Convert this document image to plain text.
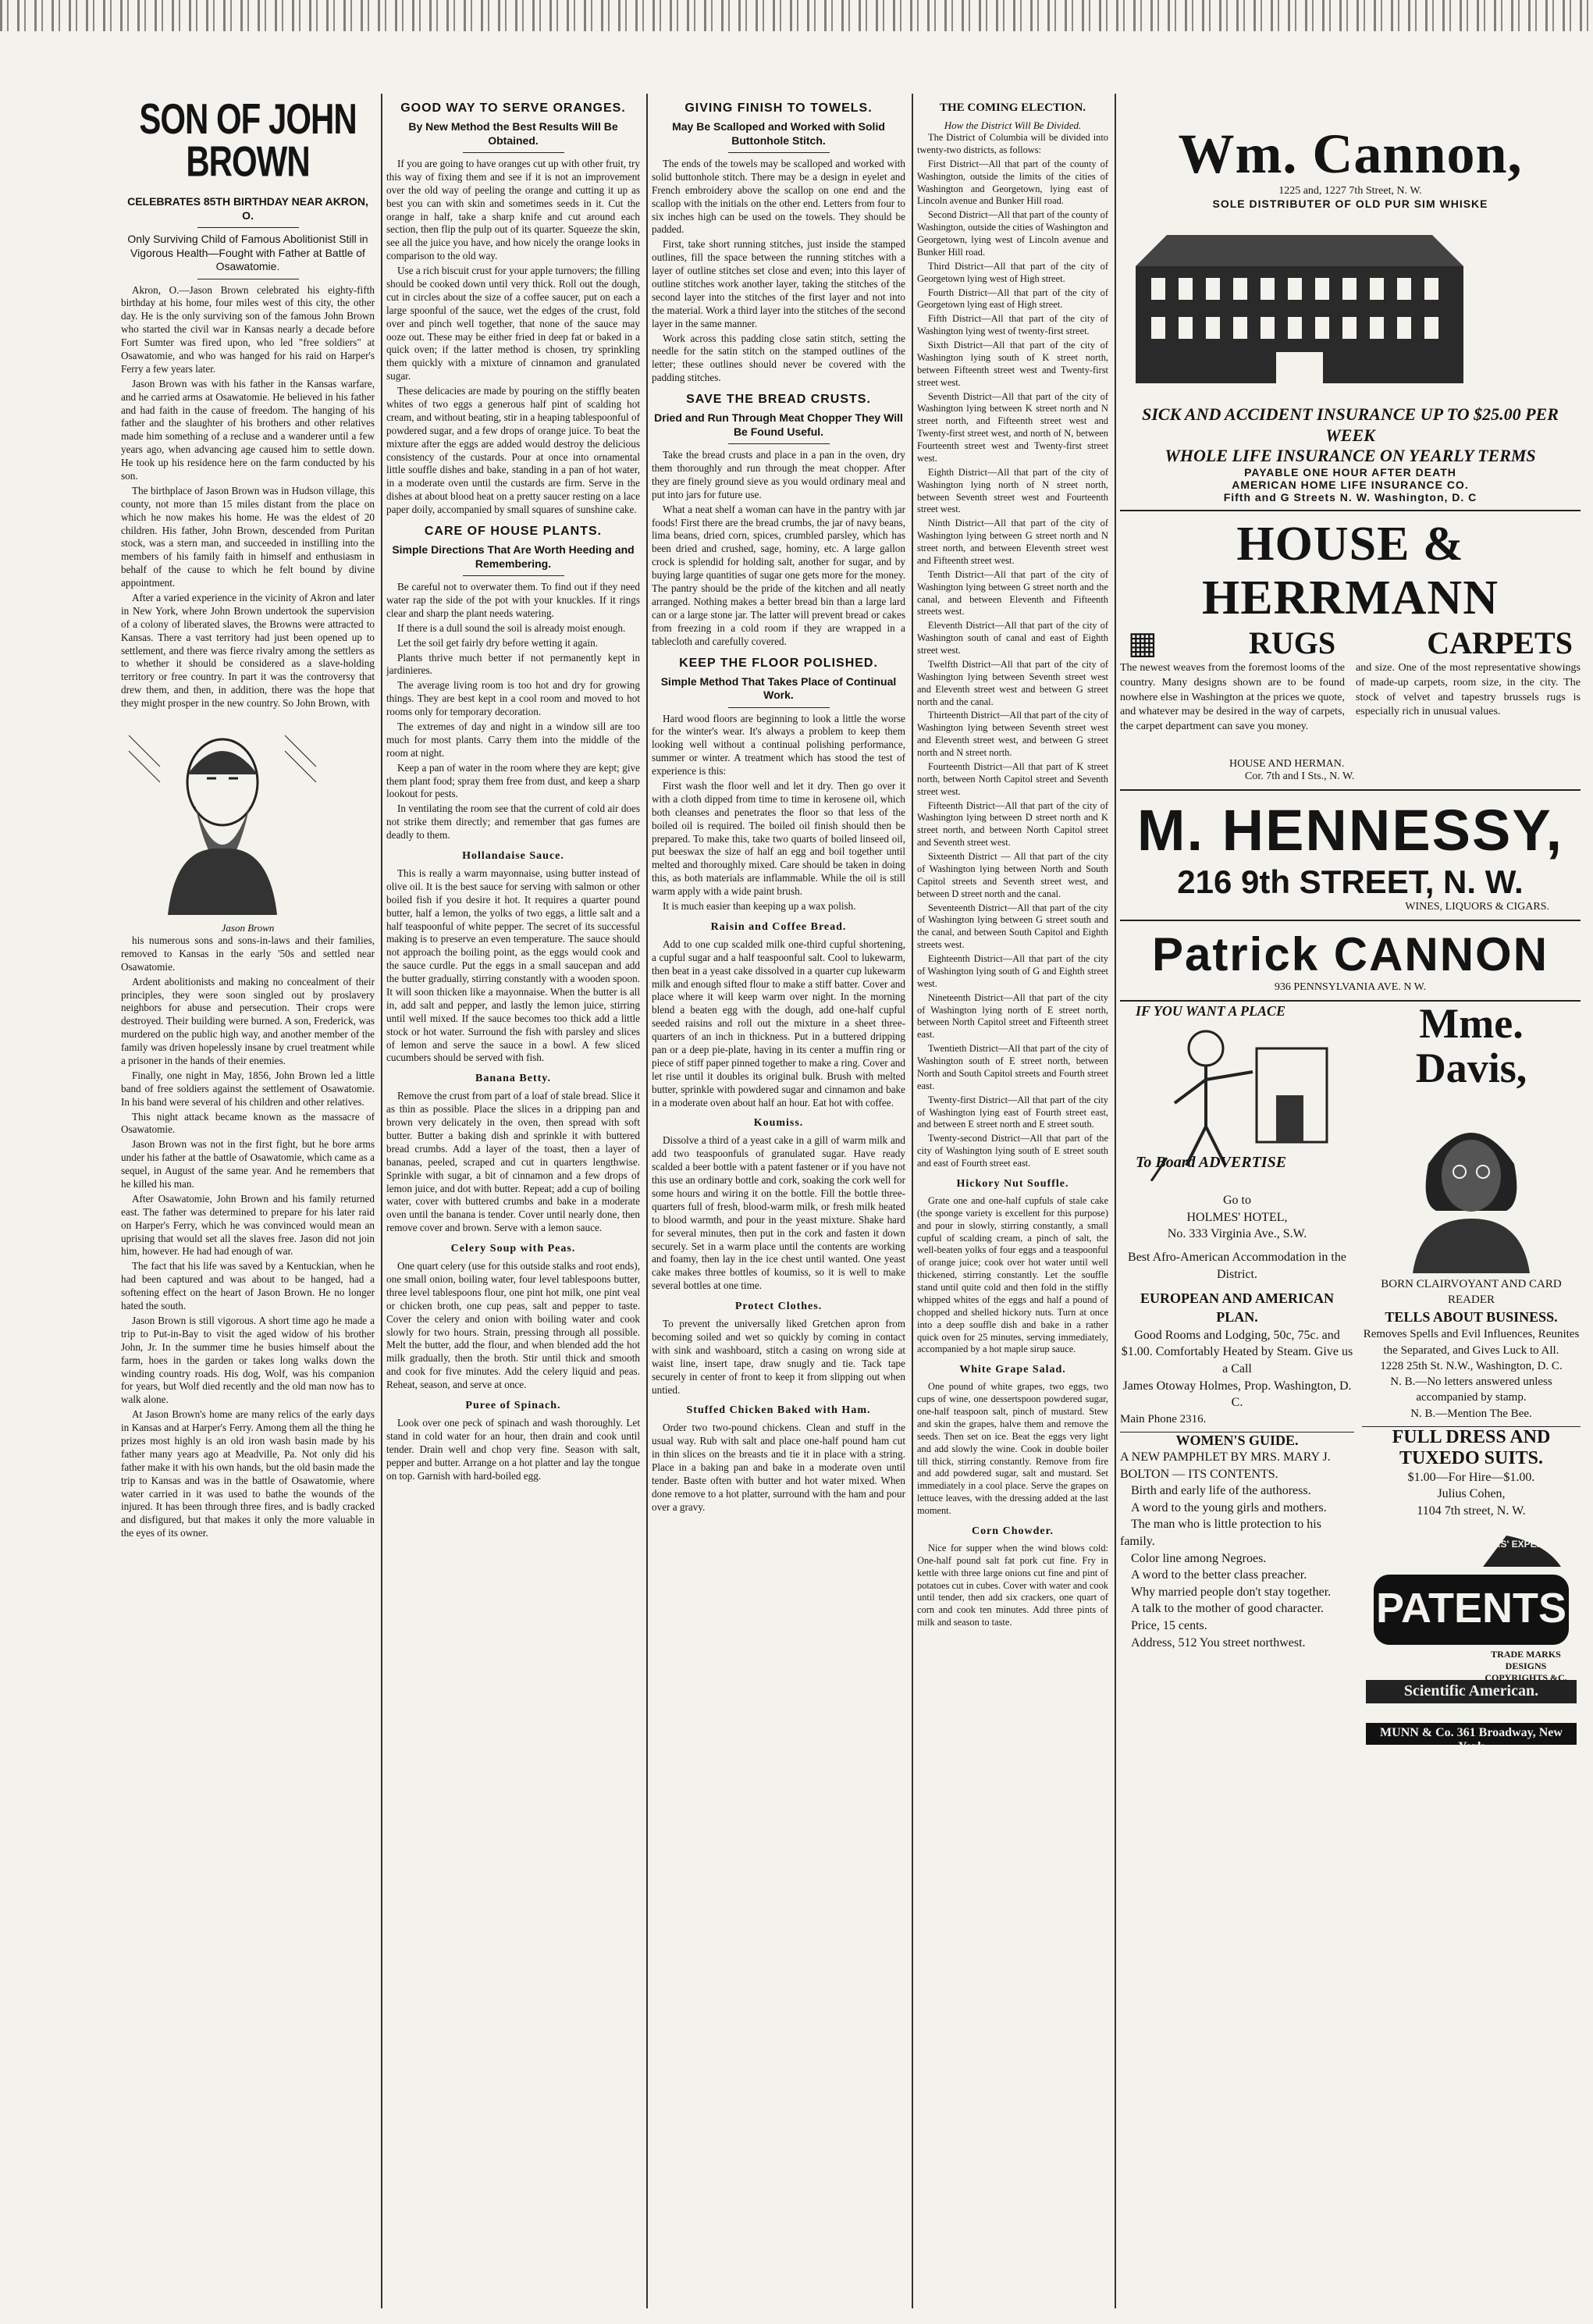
SON OF JOHN BROWN
CELEBRATES 85TH BIRTHDAY NEAR AKRON, O.
Only Surviving Child of Famous Abolitionist Still in Vigorous Health—Fought with Father at Battle of Osawatomie.

Akron, O.—Jason Brown celebrated his eighty-fifth birthday at his home, four miles west of this city, the other day. He is the only surviving son of the famous John Brown who started the civil war in Kansas nearly a decade before Fort Sumter was fired upon, who led "free soldiers" at Osawatomie, and who was hanged for his raid on Harper's Ferry a few years later.

Jason Brown was with his father in the Kansas warfare, and he carried arms at Osawatomie. He believed in his father and had faith in the cause of freedom. The hanging of his father and the slaughter of his brothers and other relatives made him something of a recluse and a wanderer until a few years ago, when advancing age caused him to settle down. He took up his residence here on the farm conducted by his son.

The birthplace of Jason Brown was in Hudson village, this county, not more than 15 miles distant from the place on which he now makes his home. He was the eldest of 20 children. His father, John Brown, descended from Puritan stock, was a stern man, and succeeded in instilling into the members of his family faith in himself and enthusiasm in behalf of the cause to which he felt bound by divine appointment.

After a varied experience in the vicinity of Akron and later in New York, where John Brown undertook the supervision of a colony of liberated slaves, the Browns were attracted to Kansas. There a vast territory had just been opened up to settlement, and there was fierce rivalry among the settlers as to whether it should be considered as a slave-holding territory or free country. In part it was the controversy that drew them, and then, in addition, there was the hope that they might prosper in the new country. So John Brown, with

Jason Brown

his numerous sons and sons-in-laws and their families, removed to Kansas in the early '50s and settled near Osawatomie.

Ardent abolitionists and making no concealment of their principles, they were soon singled out by proslavery neighbors for abuse and persecution. Their crops were destroyed. Their building were burned. A son, Frederick, was murdered on the public high way, and another member of the family was driven hopelessly insane by cruel treatment while a prisoner in the hands of their enemies.

Finally, one night in May, 1856, John Brown led a little band of free soldiers against the settlement of Osawatomie. In his band were several of his children and other relatives.

This night attack became known as the massacre of Osawatomie.

Jason Brown was not in the first fight, but he bore arms under his father at the battle of Osawatomie, which came as a sequel, in August of the same year. And he remembers that he killed his man.

After Osawatomie, John Brown and his family returned east. The father was determined to prepare for his later raid on Harper's Ferry, which he was convinced would mean an uprising that would set all the slaves free. Jason did not join him, however. He had had enough of war.

The fact that his life was saved by a Kentuckian, when he had been captured and was about to be hanged, had a softening effect on the heart of Jason Brown. He no longer hated the south.

Jason Brown is still vigorous. A short time ago he made a trip to Put-in-Bay to visit the aged widow of his brother John, Jr. In the summer time he busies himself about the farm, hoes in the garden or takes long walks down the winding country roads. His dog, Wolf, was his companion for years, but Wolf died recently and the old man now has to walk alone.

At Jason Brown's home are many relics of the early days in Kansas and at Harper's Ferry. Among them all the thing he prizes most highly is an old iron wash basin made by his father many years ago at Meadville, Pa. Not only did his father make it with his own hands, but the old basin made the trip to Kansas and was in the battle of Osawatomie, where water carried in it was used to bathe the wounds of the injured. It has been through three fires, and is badly cracked and disfigured, but that makes it only the more valuable in the eyes of its owner.

GOOD WAY TO SERVE ORANGES.
By New Method the Best Results Will Be Obtained.

If you are going to have oranges cut up with other fruit, try this way of fixing them and see if it is not an improvement over the old way of peeling the orange and cutting it up as best you can with skin and sometimes seeds in it. Cut the orange in half, take a sharp knife and cut around each section, then flip the pulp out of its quarter. Squeeze the skin, see all the juice you have, and how nicely the orange looks in comparison to the old way.

Use a rich biscuit crust for your apple turnovers; the filling should be cooked down until very thick. Roll out the dough, cut in circles about the size of a coffee saucer, put on each a large spoonful of the sauce, wet the edges of the crust, fold over and pinch well together, that none of the sauce may ooze out. These may be either fried in deep fat or baked in a quick oven; if the latter method is chosen, try sprinkling them quickly with a mixture of cinnamon and granulated sugar.

These delicacies are made by pouring on the stiffly beaten whites of two eggs a generous half pint of scalding hot cream, and without beating, stir in a heaping tablespoonful of powdered sugar, and a few drops of orange juice. To beat the mixture after the eggs are added would destroy the delicious consistency of the custards. Pour at once into ornamental little souffle dishes and bake, standing in a pan of hot water, in a moderate oven until the custards are firm. Serve in the dishes at about blood heat on a pretty saucer resting on a lace paper doily, accompanied by small squares of sunshine cake.

CARE OF HOUSE PLANTS.
Simple Directions That Are Worth Heeding and Remembering.

Be careful not to overwater them. To find out if they need water rap the side of the pot with your knuckles. If it rings clear and sharp the plant needs watering.

If there is a dull sound the soil is already moist enough.

Let the soil get fairly dry before wetting it again.

Plants thrive much better if not permanently kept in jardinieres.

The average living room is too hot and dry for growing things. They are best kept in a cool room and moved to hot rooms only for temporary decoration.

The extremes of day and night in a window sill are too much for most plants. Carry them into the middle of the room at night.

Keep a pan of water in the room where they are kept; give them plant food; spray them free from dust, and keep a sharp lookout for pests.

In ventilating the room see that the current of cold air does not strike them directly; and remember that gas fumes are deadly to them.

Hollandaise Sauce.

This is really a warm mayonnaise, using butter instead of olive oil. It is the best sauce for serving with salmon or other boiled fish if you desire it hot. It requires a quarter pound butter, half a lemon, the yolks of two eggs, a little salt and a half teaspoonful of white pepper. The secret of its successful making is to preserve an even temperature. The sauce should not approach the boiling point, as the eggs would cook and the sauce curdle. Put the eggs in a small saucepan and add the butter gradually, stirring constantly with a wooden spoon. It will soon thicken like a mayonnaise. When the butter is all in, add salt and pepper, and lastly the lemon juice, stirring until well mixed. If the sauce becomes too thick add a little stock or hot water. Surround the fish with parsley and slices of lemon and serve the sauce in a bowl. A few sliced cucumbers should be served with fish.

Banana Betty.

Remove the crust from part of a loaf of stale bread. Slice it as thin as possible. Place the slices in a dripping pan and brown very delicately in the oven, then spread with soft butter. Butter a baking dish and sprinkle it with buttered bread crumbs. Add a layer of the toast, then a layer of bananas, peeled, scraped and cut in quarters lengthwise. Sprinkle with sugar, a bit of cinnamon and a few drops of lemon juice, and dot with butter. Repeat; add a cup of boiling water, cover with buttered crumbs and bake in a moderate oven until the banana is tender. Cover until nearly done, then remove cover and brown. Serve with a lemon sauce.

Celery Soup with Peas.

One quart celery (use for this outside stalks and root ends), one small onion, boiling water, four level tablespoons butter, three level tablespoons flour, one pint hot milk, one pint veal or chicken broth, one cup peas, salt and pepper to taste. Cover the celery and onion with boiling water and cook slowly for two hours. Strain, pressing through all possible. Melt the butter, add the flour, and when blended add the hot milk gradually, then the broth. Stir until thick and smooth and cook for five minutes. Add the celery liquid and peas. Reheat, season, and serve at once.

Puree of Spinach.

Look over one peck of spinach and wash thoroughly. Let stand in cold water for an hour, then drain and cook until tender. Drain well and chop very fine. Season with salt, pepper and butter. Arrange on a hot platter and lay the tongue on top. Garnish with hard-boiled egg.

GIVING FINISH TO TOWELS.
May Be Scalloped and Worked with Solid Buttonhole Stitch.

The ends of the towels may be scalloped and worked with solid buttonhole stitch. There may be a design in eyelet and French embroidery above the scallop on one end and the scallop with the initials on the other end. Letters from four to six inches high can be used on the towels. They should be padded.

First, take short running stitches, just inside the stamped outlines, fill the space between the running stitches with a layer of outline stitches set close and even; into this layer of outline stitches work another layer, taking the stitches of the second layer into the stitches of the first layer and not into the material. Work a third layer into the stitches of the second layer in the same manner.

Work across this padding close satin stitch, setting the needle for the satin stitch on the stamped outlines of the letter; these outlines should never be covered with the padding stitches.

SAVE THE BREAD CRUSTS.
Dried and Run Through Meat Chopper They Will Be Found Useful.

Take the bread crusts and place in a pan in the oven, dry them thoroughly and run through the meat chopper. After they are finely ground sieve as you would ordinary meal and put into jars for future use.

What a neat shelf a woman can have in the pantry with jar foods! First there are the bread crumbs, the jar of navy beans, lima beans, dried corn, spices, crumbled parsley, which has been dried and crushed, sage, hominy, etc. A large gallon crock is splendid for holding salt, another for sugar, and by buying large quantities of sugar one gets more for the money. The pantry should be the pride of the kitchen and all neatly arranged. Nothing makes a better bread bin than a large lard can or a large stone jar. The latter will prevent bread or cakes from freezing in a cold room if they are wrapped in a tablecloth and carefully covered.

KEEP THE FLOOR POLISHED.
Simple Method That Takes Place of Continual Work.

Hard wood floors are beginning to look a little the worse for the winter's wear. It's always a problem to keep them looking well without a continual polishing performance, summer or winter. A treatment which has stood the test of experience is this:

First wash the floor well and let it dry. Then go over it with a cloth dipped from time to time in kerosene oil, which both cleanses and penetrates the floor so that less of the boiled oil is required. The boiled oil finish should then be prepared. To make this, take two quarts of boiled linseed oil, put beeswax the size of half an egg and boil together until melted and thoroughly mixed. Care should be taken in doing this, as both materials are inflammable. While the oil is still warm apply with a wide paint brush.

It is much easier than keeping up a wax polish.

Raisin and Coffee Bread.

Add to one cup scalded milk one-third cupful shortening, a cupful sugar and a half teaspoonful salt. Cool to lukewarm, then beat in a yeast cake dissolved in a quarter cup lukewarm milk and enough sifted flour to make a stiff batter. Cover and place where it will keep warm over night. In the morning blend a beaten egg with the dough, add one-half cupful seeded raisins and roll out the mixture in a sheet three-quarters of an inch in thickness. Put in a buttered dripping pan or a deep pie-plate, having in its center a muffin ring or piece of stiff paper pinned together to make a ring. Cover and let rise until it doubles its original bulk. Brush with melted butter, sprinkle with powdered sugar and cinnamon and bake in a moderate oven about half an hour. Eat hot with coffee.

Koumiss.

Dissolve a third of a yeast cake in a gill of warm milk and add two teaspoonfuls of granulated sugar. Have ready scalded a beer bottle with a patent fastener or if you have not this use an ordinary bottle and cork, soaking the cork well for some hours and wiring it on the bottle. Fill the bottle three-quarters full of fresh, blood-warm milk, or fresh milk heated to blood warmth, and pour in the yeast mixture. Shake hard for several minutes, then put in the cork and fasten it down securely. Set in a warm place until the contents are working and foamy, then lay in the ice chest until wanted. One yeast cake makes three bottles of koumiss, so it is well to make several bottles at one time.

Protect Clothes.

To prevent the universally liked Gretchen apron from becoming soiled and wet so quickly by coming in contact with sink and washboard, stitch a casing on wrong side at waist line, insert tape, draw snugly and tie. Tack tape securely in center of front to keep it from slipping out when untied.

Stuffed Chicken Baked with Ham.

Order two two-pound chickens. Clean and stuff in the usual way. Rub with salt and place one-half pound ham cut in thin slices on the breasts and tie it in place with a string. Place in a baking pan and bake in a moderate oven until tender. Baste often with butter and hot water mixed. When done remove to a hot platter, surround with the ham and pour over a gravy.

THE COMING ELECTION.
How the District Will Be Divided.

The District of Columbia will be divided into twenty-two districts, as follows:

First District—All that part of the county of Washington, outside the limits of the cities of Washington and Georgetown, lying east of Lincoln avenue and Bunker Hill road.

Second District—All that part of the county of Washington, outside the cities of Washington and Georgetown, lying west of Lincoln avenue and Bunker Hill road.

Third District—All that part of the city of Georgetown lying west of High street.

Fourth District—All that part of the city of Georgetown lying east of High street.

Fifth District—All that part of the city of Washington lying west of twenty-first street.

Sixth District—All that part of the city of Washington lying south of K street north, between Fifteenth street west and Twenty-first street west.

Seventh District—All that part of the city of Washington lying between K street north and N street north, and Fifteenth street west and Twenty-first street west, and north of N, between Fourteenth street west and Twenty-first street west.

Eighth District—All that part of the city of Washington lying north of N street north, between Seventh street west and Fourteenth street west.

Ninth District—All that part of the city of Washington lying between G street north and N street north, and between Eleventh street west and Fifteenth street west.

Tenth District—All that part of the city of Washington lying between G street north and the canal, and between Eleventh and Fifteenth streets west.

Eleventh District—All that part of the city of Washington south of canal and east of Eighth street west.

Twelfth District—All that part of the city of Washington lying between Seventh street west and Eleventh street west and between G street north and the canal.

Thirteenth District—All that part of the city of Washington lying between Seventh street west and Eleventh street west, and between G street north and N street north.

Fourteenth District—All that part of K street north, between North Capitol street and Seventh street west.

Fifteenth District—All that part of the city of Washington lying between D street north and K street north, and between North Capitol street and Seventh street west.

Sixteenth District — All that part of the city of Washington lying between North and South Capitol streets and Seventh street west, and between D street north and the canal.

Seventeenth District—All that part of the city of Washington lying between G street south and the canal, and between South Capitol and Eighth streets west.

Eighteenth District—All that part of the city of Washington lying south of G and Eighth street west.

Nineteenth District—All that part of the city of Washington lying north of E street north, between North Capitol street and Fifteenth street east.

Twentieth District—All that part of the city of Washington south of E street north, between North and South Capitol streets and Fourth street east.

Twenty-first District—All that part of the city of Washington lying east of Fourth street east, and between E street north and E street south.

Twenty-second District—All that part of the city of Washington lying south of E street south and east of Fourth street east.

Hickory Nut Souffle.

Grate one and one-half cupfuls of stale cake (the sponge variety is excellent for this purpose) and pour in slowly, stirring constantly, a small cupful of scalding cream, a pinch of salt, the well-beaten yolks of four eggs and a teaspoonful of orange juice; cook over hot water until well thickened, stirring constantly. Let the souffle stand until quite cold and then fold in the stiffly whipped whites of the eggs and half a pound of chopped and shelled hickory nuts. Turn at once into a deep souffle dish and bake in a rather quick oven for 25 minutes, serving immediately, accompanied by a hot maple sirup sauce.

White Grape Salad.

One pound of white grapes, two eggs, two cups of wine, one dessertspoon powdered sugar, one-half teaspoon salt, pinch of mustard. Stew and skin the grapes, halve them and remove the seeds. Then set on ice. Beat the eggs very light and add slowly the wine. Cook in double boiler till thick, stirring constantly. Remove from fire and add powdered sugar, salt and mustard. Set immediately in a cool place. Serve the grapes on lettuce leaves, with the dressing added at the last moment.

Corn Chowder.

Nice for supper when the wind blows cold: One-half pound salt fat pork cut fine. Fry in kettle with three large onions cut fine and pint of potatoes cut in cubes. Cover with water and cook until tender, then add six crackers, one quart of corn and cook ten minutes. Add three pints of milk and season to taste.

Wm. Cannon,
1225 and, 1227 7th Street, N. W.
SOLE DISTRIBUTER OF OLD PUR SIM WHISKE
SICK AND ACCIDENT INSURANCE UP TO $25.00 PER WEEK
WHOLE LIFE INSURANCE ON YEARLY TERMS
PAYABLE ONE HOUR AFTER DEATH
AMERICAN HOME LIFE INSURANCE CO.
Fifth and G Streets N. W. Washington, D. C
HOUSE & HERRMANN
▦	RUGS	CARPETS
The newest weaves from the foremost looms of the country. Many designs shown are to be found nowhere else in Washington at the prices we quote, and whatever may be desired in the way of carpets, the carpet department can save you money.
and size. One of the most representative showings of made-up carpets, room size, in the city. The stock of velvet and tapestry brussels rugs is especially rich in unusual values.
HOUSE AND HERMAN.
Cor. 7th and I Sts., N. W.
M. HENNESSY,
216 9th STREET, N. W.
WINES, LIQUORS & CIGARS.
Patrick CANNON
936 PENNSYLVANIA AVE. N W.
IF YOU WANT A PLACE
To Board ADVERTISE
Go to
HOLMES' HOTEL,
No. 333 Virginia Ave., S.W.
Best Afro-American Accommodation in the District.
EUROPEAN AND AMERICAN PLAN.
Good Rooms and Lodging, 50c, 75c. and $1.00. Comfortably Heated by Steam. Give us a Call
James Otoway Holmes, Prop. Washington, D. C.
Main Phone 2316.
WOMEN'S GUIDE.
A NEW PAMPHLET BY MRS. MARY J. BOLTON — ITS CONTENTS.
Birth and early life of the authoress.
A word to the young girls and mothers.
The man who is little protection to his family.
Color line among Negroes.
A word to the better class preacher.
Why married people don't stay together.
A talk to the mother of good character.
Price, 15 cents.
Address, 512 You street northwest.
Mme. Davis,
BORN CLAIRVOYANT AND CARD READER
TELLS ABOUT BUSINESS.
Removes Spells and Evil Influences, Reunites the Separated, and Gives Luck to All.
1228 25th St. N.W., Washington, D. C.
N. B.—No letters answered unless accompanied by stamp.
N. B.—Mention The Bee.
FULL DRESS AND TUXEDO SUITS.
$1.00—For Hire—$1.00.
Julius Cohen,
1104 7th street, N. W.
60 YEARS' EXPERIENCE
PATENTS
TRADE MARKS DESIGNS COPYRIGHTS &C.
Scientific American.
MUNN & Co. 361 Broadway, New York
